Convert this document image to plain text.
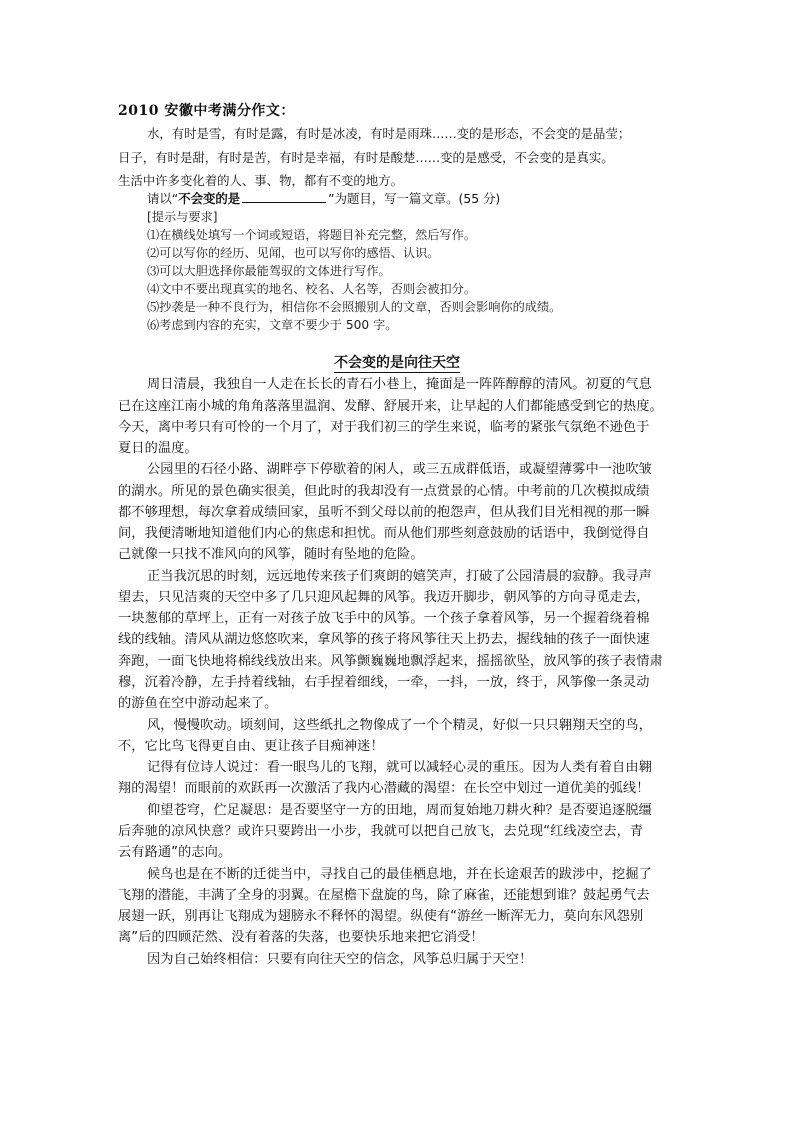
2010 安徽中考满分作文：
水，有时是雪，有时是露，有时是冰凌，有时是雨珠……变的是形态，不会变的是晶莹；
日子，有时是甜，有时是苦，有时是幸福，有时是酸楚……变的是感受，不会变的是真实。
生活中许多变化着的人、事、物，都有不变的地方。
请以“不会变的是	”为题目，写一篇文章。(55 分)
[提示与要求]
⑴在横线处填写一个词或短语，将题目补充完整，然后写作。
⑵可以写你的经历、见闻，也可以写你的感悟、认识。
⑶可以大胆选择你最能驾驭的文体进行写作。
⑷文中不要出现真实的地名、校名、人名等，否则会被扣分。
⑸抄袭是一种不良行为，相信你不会照搬别人的文章，否则会影响你的成绩。
⑹考虑到内容的充实，文章不要少于 500 字。
不会变的是向往天空
周日清晨，我独自一人走在长长的青石小巷上，掩面是一阵阵醇醇的清风。初夏的气息
已在这座江南小城的角角落落里温润、发酵、舒展开来，让早起的人们都能感受到它的热度。
今天，离中考只有可怜的一个月了，对于我们初三的学生来说，临考的紧张气氛绝不逊色于
夏日的温度。
公园里的石径小路、湖畔亭下停歇着的闲人，或三五成群低语，或凝望薄雾中一池吹皱
的湖水。所见的景色确实很美，但此时的我却没有一点赏景的心情。中考前的几次模拟成绩
都不够理想，每次拿着成绩回家，虽听不到父母以前的抱怨声，但从我们目光相视的那一瞬
间，我便清晰地知道他们内心的焦虑和担忧。而从他们那些刻意鼓励的话语中，我倒觉得自
己就像一只找不准风向的风筝，随时有坠地的危险。
正当我沉思的时刻，远远地传来孩子们爽朗的嬉笑声，打破了公园清晨的寂静。我寻声
望去，只见洁爽的天空中多了几只迎风起舞的风筝。我迈开脚步，朝风筝的方向寻觅走去，
一块葱郁的草坪上，正有一对孩子放飞手中的风筝。一个孩子拿着风筝，另一个握着绕着棉
线的线轴。清风从湖边悠悠吹来，拿风筝的孩子将风筝往天上扔去，握线轴的孩子一面快速
奔跑，一面飞快地将棉线线放出来。风筝颤巍巍地飘浮起来，摇摇欲坠，放风筝的孩子表情肃
穆，沉着冷静，左手持着线轴，右手捏着细线，一牵，一抖，一放，终于，风筝像一条灵动
的游鱼在空中游动起来了。
风，慢慢吹动。顷刻间，这些纸扎之物像成了一个个精灵，好似一只只翱翔天空的鸟，
不，它比鸟飞得更自由、更让孩子目痴神迷！
记得有位诗人说过：看一眼鸟儿的飞翔，就可以减轻心灵的重压。因为人类有着自由翱
翔的渴望！而眼前的欢跃再一次激活了我内心潜藏的渴望：在长空中划过一道优美的弧线！
仰望苍穹，伫足凝思：是否要坚守一方的田地，周而复始地刀耕火种？是否要追逐脱缰
后奔驰的凉风快意？或许只要跨出一小步，我就可以把自己放飞，去兑现“红线凌空去，青
云有路通”的志向。
候鸟也是在不断的迁徙当中，寻找自己的最佳栖息地，并在长途艰苦的跋涉中，挖掘了
飞翔的潜能，丰满了全身的羽翼。在屋檐下盘旋的鸟，除了麻雀，还能想到谁？鼓起勇气去
展翅一跃，别再让飞翔成为翅膀永不释怀的渴望。纵使有“游丝一断浑无力，莫向东风怨别
离”后的四顾茫然、没有着落的失落，也要快乐地来把它消受！
因为自己始终相信：只要有向往天空的信念，风筝总归属于天空！
